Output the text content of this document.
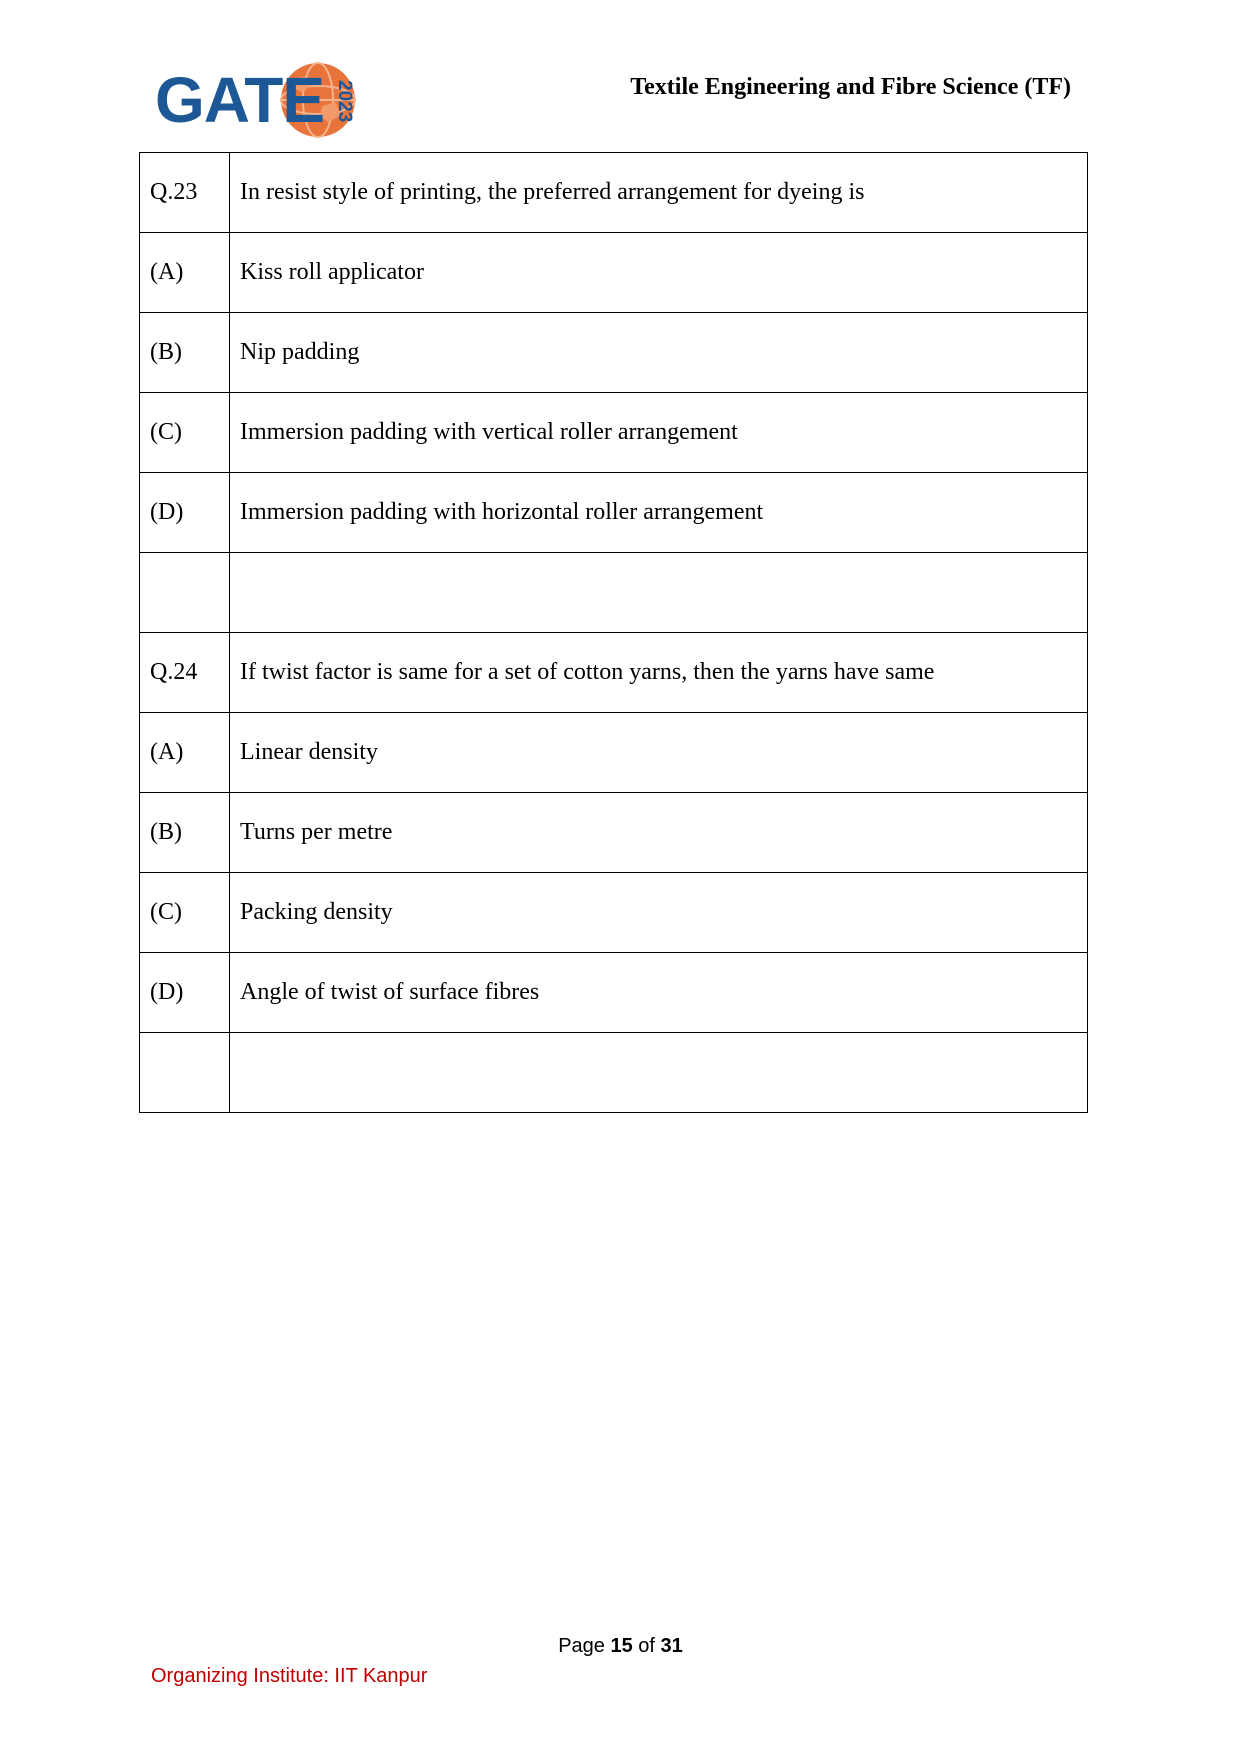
GATE 2023	Textile Engineering and Fibre Science (TF)
Q.23	In resist style of printing, the preferred arrangement for dyeing is
(A)	Kiss roll applicator
(B)	Nip padding
(C)	Immersion padding with vertical roller arrangement
(D)	Immersion padding with horizontal roller arrangement

Q.24	If twist factor is same for a set of cotton yarns, then the yarns have same
(A)	Linear density
(B)	Turns per metre
(C)	Packing density
(D)	Angle of twist of surface fibres

Page 15 of 31
Organizing Institute: IIT Kanpur
